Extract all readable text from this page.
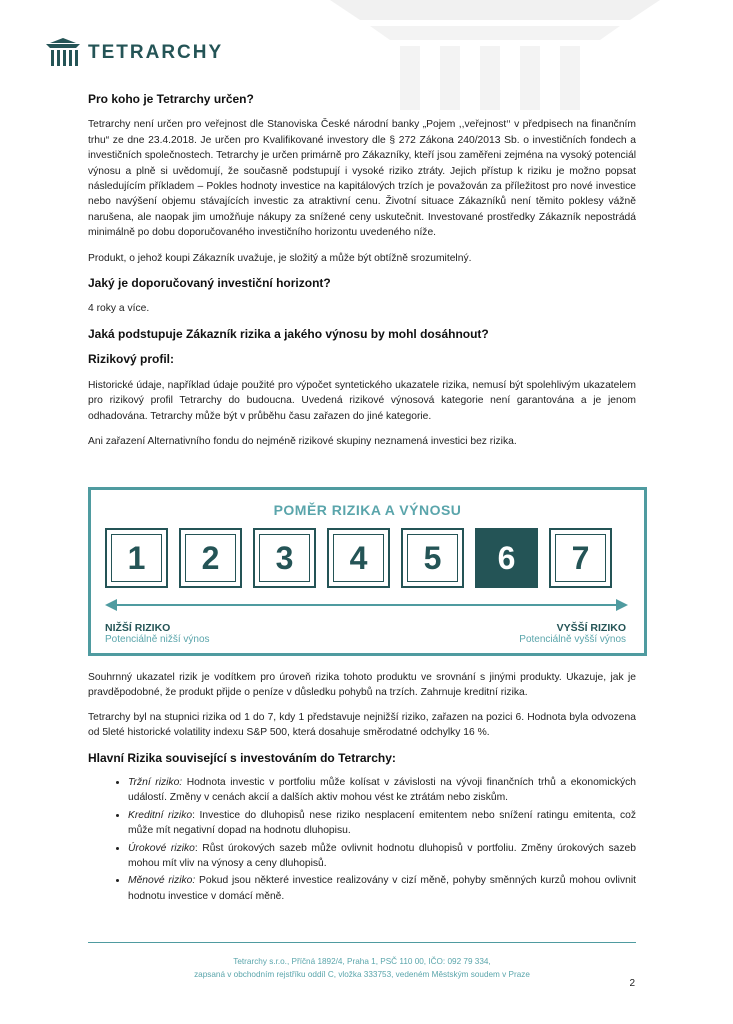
TETRARCHY
Pro koho je Tetrarchy určen?

Tetrarchy není určen pro veřejnost dle Stanoviska České národní banky „Pojem ,,veřejnost‘‘ v předpisech na finančním trhu“ ze dne 23.4.2018. Je určen pro Kvalifikované investory dle § 272 Zákona 240/2013 Sb. o investičních fondech a investičních společnostech. Tetrarchy je určen primárně pro Zákazníky, kteří jsou zaměřeni zejména na vysoký potenciál výnosu a plně si uvědomují, že současně podstupují i vysoké riziko ztráty. Jejich přístup k riziku je možno popsat následujícím příkladem – Pokles hodnoty investice na kapitálových trzích je považován za příležitost pro nové investice nebo navýšení objemu stávajících investic za atraktivní cenu. Životní situace Zákazníků není těmito poklesy vážně narušena, ale naopak jim umožňuje nákupy za snížené ceny uskutečnit. Investované prostředky Zákazník nepostrádá minimálně po dobu doporučovaného investičního horizontu uvedeného níže.

Produkt, o jehož koupi Zákazník uvažuje, je složitý a může být obtížně srozumitelný.

Jaký je doporučovaný investiční horizont?

4 roky a více.

Jaká podstupuje Zákazník rizika a jakého výnosu by mohl dosáhnout?
Rizikový profil:

Historické údaje, například údaje použité pro výpočet syntetického ukazatele rizika, nemusí být spolehlivým ukazatelem pro rizikový profil Tetrarchy do budoucna. Uvedená rizikové výnosová kategorie není garantována a je jenom odhadována. Tetrarchy může být v průběhu času zařazen do jiné kategorie.

Ani zařazení Alternativního fondu do nejméně rizikové skupiny neznamená investici bez rizika.

POMĚR RIZIKA A VÝNOSU
1	2	3	4	5	6	7
NIŽŠÍ RIZIKO
Potenciálně nižší výnos
VYŠŠÍ RIZIKO
Potenciálně vyšší výnos

Souhrnný ukazatel rizik je vodítkem pro úroveň rizika tohoto produktu ve srovnání s jinými produkty. Ukazuje, jak je pravděpodobné, že produkt přijde o peníze v důsledku pohybů na trzích. Zahrnuje kreditní rizika.

Tetrarchy byl na stupnici rizika od 1 do 7, kdy 1 představuje nejnižší riziko, zařazen na pozici 6. Hodnota byla odvozena od 5leté historické volatility indexu S&P 500, která dosahuje směrodatné odchylky 16 %.

Hlavní Rizika související s investováním do Tetrarchy:
• Tržní riziko: Hodnota investic v portfoliu může kolísat v závislosti na vývoji finančních trhů a ekonomických událostí. Změny v cenách akcií a dalších aktiv mohou vést ke ztrátám nebo ziskům.
• Kreditní riziko: Investice do dluhopisů nese riziko nesplacení emitentem nebo snížení ratingu emitenta, což může mít negativní dopad na hodnotu dluhopisu.
• Úrokové riziko: Růst úrokových sazeb může ovlivnit hodnotu dluhopisů v portfoliu. Změny úrokových sazeb mohou mít vliv na výnosy a ceny dluhopisů.
• Měnové riziko: Pokud jsou některé investice realizovány v cizí měně, pohyby směnných kurzů mohou ovlivnit hodnotu investice v domácí měně.
Tetrarchy s.r.o., Příčná 1892/4, Praha 1, PSČ 110 00, IČO: 092 79 334,
zapsaná v obchodním rejstříku oddíl C, vložka 333753, vedeném Městským soudem v Praze
2
